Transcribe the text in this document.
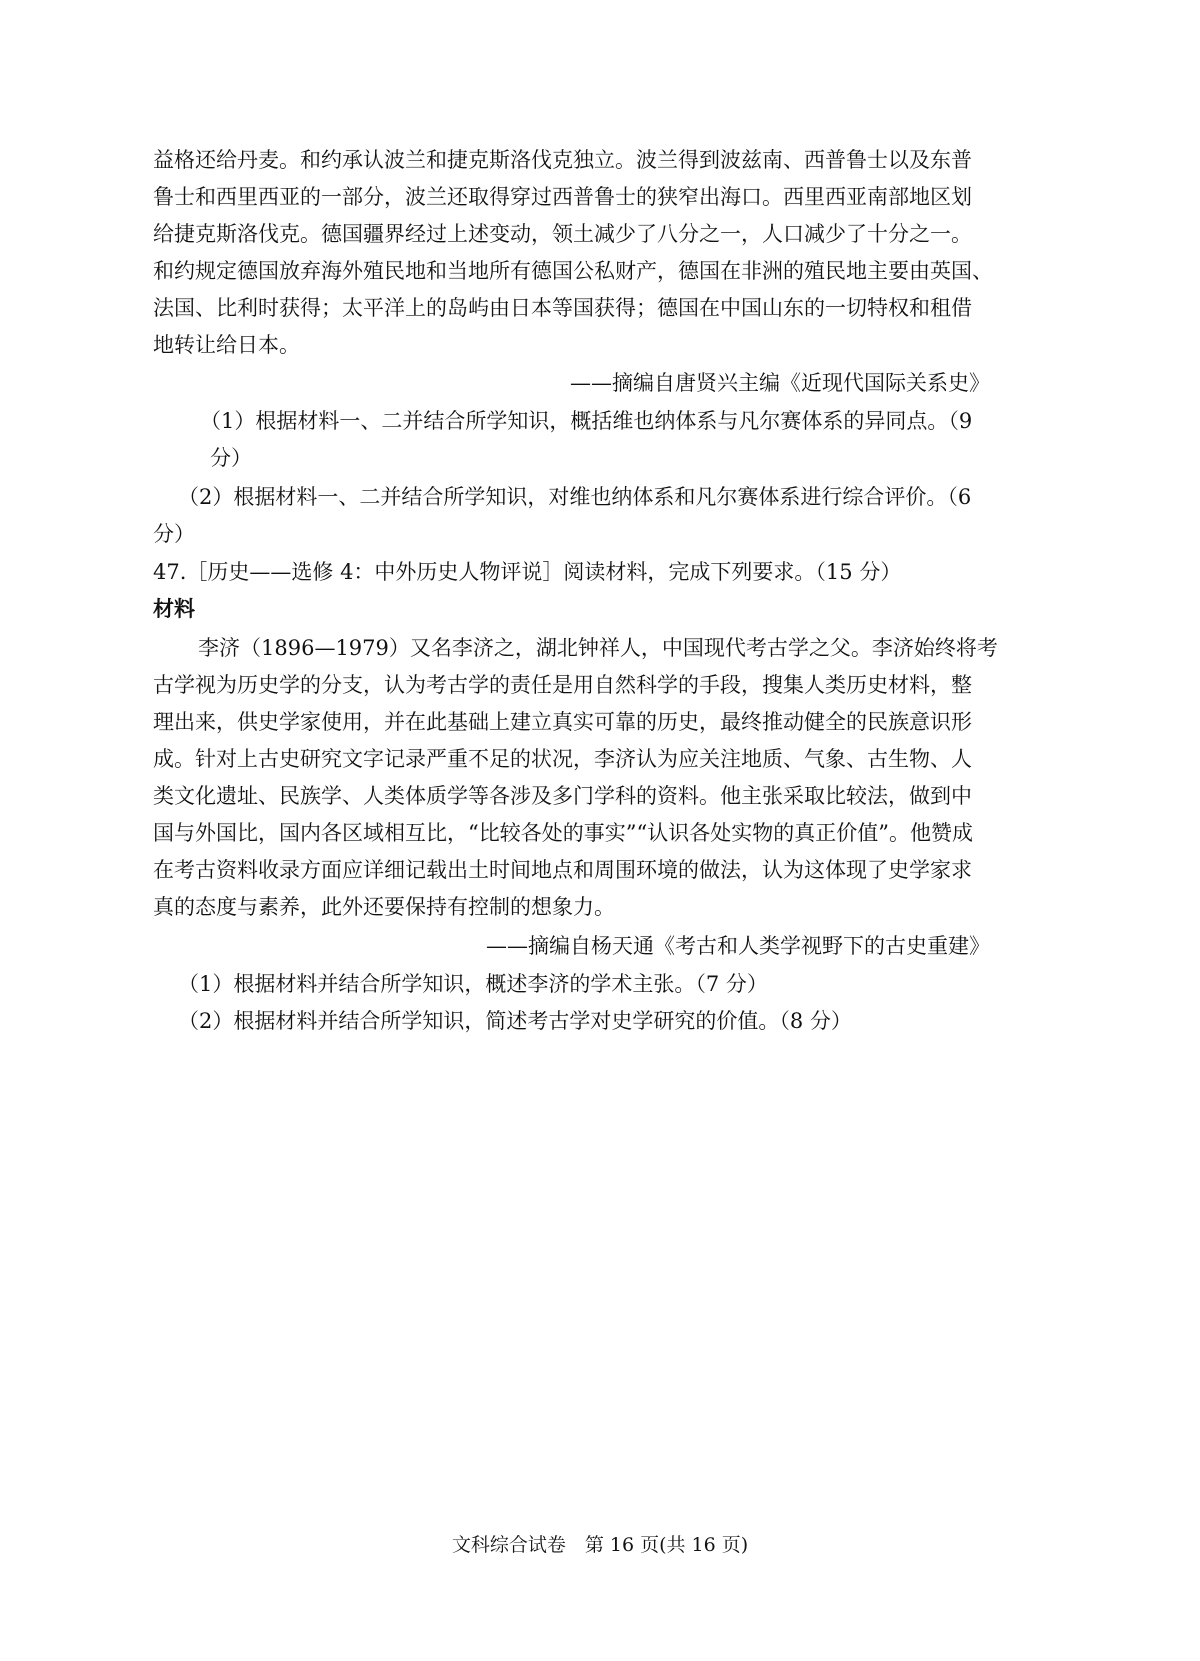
益格还给丹麦。和约承认波兰和捷克斯洛伐克独立。波兰得到波兹南、西普鲁士以及东普
鲁士和西里西亚的一部分，波兰还取得穿过西普鲁士的狭窄出海口。西里西亚南部地区划
给捷克斯洛伐克。德国疆界经过上述变动，领土减少了八分之一，人口减少了十分之一。
和约规定德国放弃海外殖民地和当地所有德国公私财产，德国在非洲的殖民地主要由英国、
法国、比利时获得；太平洋上的岛屿由日本等国获得；德国在中国山东的一切特权和租借
地转让给日本。
——摘编自唐贤兴主编《近现代国际关系史》
（1）根据材料一、二并结合所学知识，概括维也纳体系与凡尔赛体系的异同点。（9
分）
（2）根据材料一、二并结合所学知识，对维也纳体系和凡尔赛体系进行综合评价。（6
分）
47.［历史——选修 4：中外历史人物评说］阅读材料，完成下列要求。（15 分）
材料
李济（1896—1979）又名李济之，湖北钟祥人，中国现代考古学之父。李济始终将考
古学视为历史学的分支，认为考古学的责任是用自然科学的手段，搜集人类历史材料，整
理出来，供史学家使用，并在此基础上建立真实可靠的历史，最终推动健全的民族意识形
成。针对上古史研究文字记录严重不足的状况，李济认为应关注地质、气象、古生物、人
类文化遗址、民族学、人类体质学等各涉及多门学科的资料。他主张采取比较法，做到中
国与外国比，国内各区域相互比，“比较各处的事实”“认识各处实物的真正价值”。他赞成
在考古资料收录方面应详细记载出土时间地点和周围环境的做法，认为这体现了史学家求
真的态度与素养，此外还要保持有控制的想象力。
——摘编自杨天通《考古和人类学视野下的古史重建》
（1）根据材料并结合所学知识，概述李济的学术主张。（7 分）
（2）根据材料并结合所学知识，简述考古学对史学研究的价值。（8 分）
文科综合试卷　第 16 页(共 16 页)
